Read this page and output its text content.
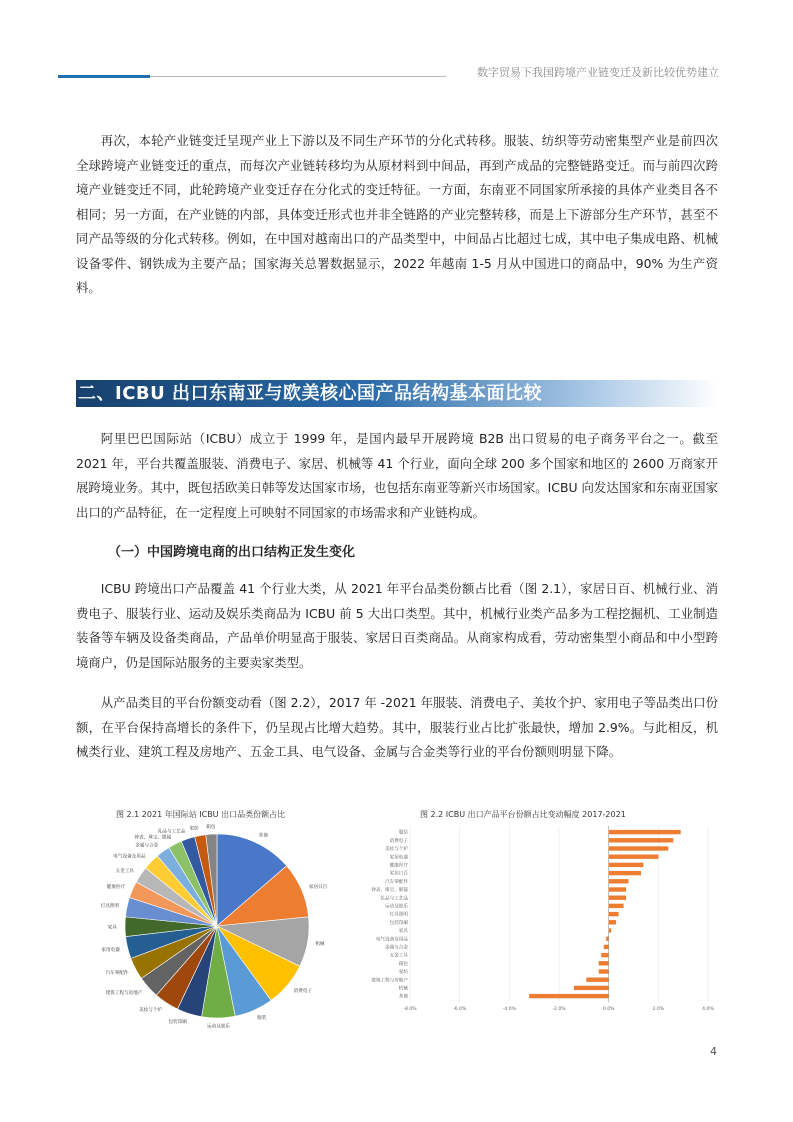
数字贸易下我国跨境产业链变迁及新比较优势建立

再次，本轮产业链变迁呈现产业上下游以及不同生产环节的分化式转移。服装、纺织等劳动密集型产业是前四次全球跨境产业链变迁的重点，而每次产业链转移均为从原材料到中间品，再到产成品的完整链路变迁。而与前四次跨境产业链变迁不同，此轮跨境产业变迁存在分化式的变迁特征。一方面，东南亚不同国家所承接的具体产业类目各不相同；另一方面，在产业链的内部，具体变迁形式也并非全链路的产业完整转移，而是上下游部分生产环节，甚至不同产品等级的分化式转移。例如，在中国对越南出口的产品类型中，中间品占比超过七成，其中电子集成电路、机械设备零件、钢铁成为主要产品；国家海关总署数据显示，2022 年越南 1-5 月从中国进口的商品中，90% 为生产资料。

二、ICBU 出口东南亚与欧美核心国产品结构基本面比较

阿里巴巴国际站（ICBU）成立于 1999 年，是国内最早开展跨境 B2B 出口贸易的电子商务平台之一。截至 2021 年，平台共覆盖服装、消费电子、家居、机械等 41 个行业，面向全球 200 多个国家和地区的 2600 万商家开展跨境业务。其中，既包括欧美日韩等发达国家市场，也包括东南亚等新兴市场国家。ICBU 向发达国家和东南亚国家出口的产品特征，在一定程度上可映射不同国家的市场需求和产业链构成。

（一）中国跨境电商的出口结构正发生变化

ICBU 跨境出口产品覆盖 41 个行业大类，从 2021 年平台品类份额占比看（图 2.1），家居日百、机械行业、消费电子、服装行业、运动及娱乐类商品为 ICBU 前 5 大出口类型。其中，机械行业类产品多为工程挖掘机、工业制造装备等车辆及设备类商品，产品单价明显高于服装、家居日百类商品。从商家构成看，劳动密集型小商品和中小型跨境商户，仍是国际站服务的主要卖家类型。

从产品类目的平台份额变动看（图 2.2），2017 年 -2021 年服装、消费电子、美妆个护、家用电子等品类出口份额，在平台保持高增长的条件下，仍呈现占比增大趋势。其中，服装行业占比扩张最快，增加 2.9%。与此相反，机械类行业、建筑工程及房地产、五金工具、电气设备、金属与合金类等行业的平台份额则明显下降。

图 2.1 2021 年国际站 ICBU 出口品类份额占比	图 2.2 ICBU 出口产品平台份额占比变动幅度 2017-2021
其他
家居日百
机械
消费电子
服装
运动及娱乐
包装印刷
美妆与个护
建筑工程与房地产
汽车零配件
家用电器
家具
灯具照明
健康医疗
五金工具
电气设备及用品
金属与合金
钟表、珠宝、眼镜
礼品与工艺品
家纺 箱包
-8.0%	-6.0%	-4.0%	-2.0%	0.0%	2.0%	4.0%
服装
消费电子
美妆与个护
家用电器
健康医疗
家居日百
汽车零配件
钟表、珠宝、眼镜
礼品与工艺品
运动及娱乐
灯具照明
包装印刷
家具
电气设备及用品
金属与合金
五金工具
箱包
家纺
建筑工程与房地产
机械
其他
4
